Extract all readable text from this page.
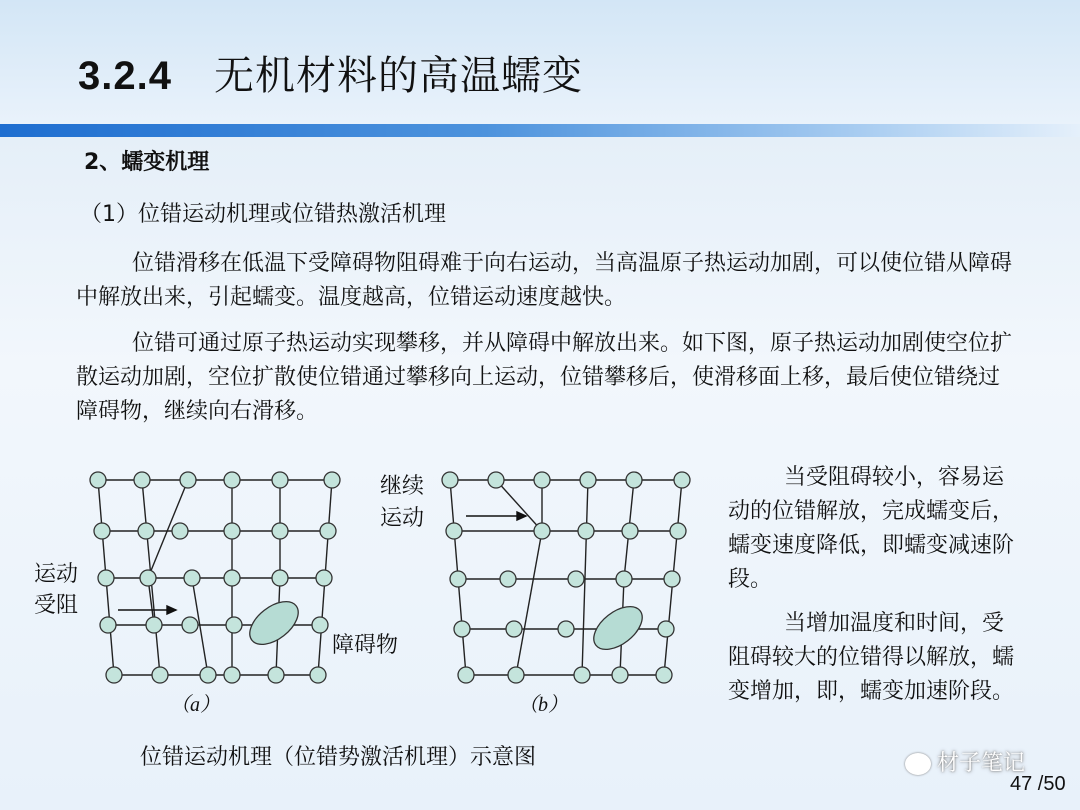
3.2.4 无机材料的高温蠕变
2、蠕变机理
（1）位错运动机理或位错热激活机理
位错滑移在低温下受障碍物阻碍难于向右运动，当高温原子热运动加剧，可以使位错从障碍中解放出来，引起蠕变。温度越高，位错运动速度越快。
位错可通过原子热运动实现攀移，并从障碍中解放出来。如下图，原子热运动加剧使空位扩散运动加剧，空位扩散使位错通过攀移向上运动，位错攀移后，使滑移面上移，最后使位错绕过障碍物，继续向右滑移。
运动
受阻
障碍物
继续
运动
（a）	（b）
位错运动机理（位错势激活机理）示意图
当受阻碍较小，容易运动的位错解放，完成蠕变后，蠕变速度降低，即蠕变减速阶段。
当增加温度和时间，受阻碍较大的位错得以解放，蠕变增加，即，蠕变加速阶段。
材子笔记
47 /50
